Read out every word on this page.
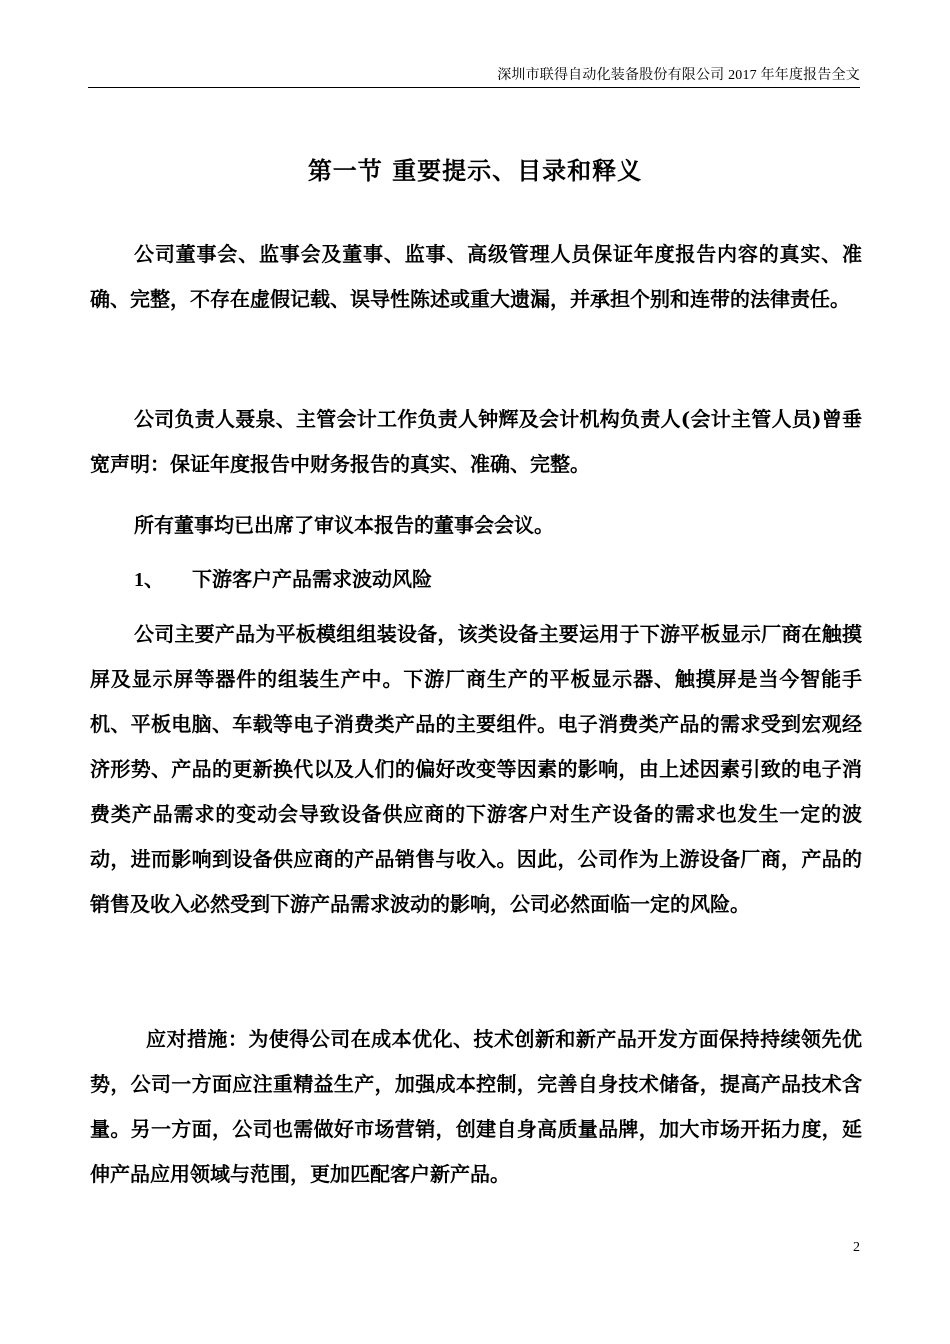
深圳市联得自动化装备股份有限公司 2017 年年度报告全文
第一节 重要提示、目录和释义
公司董事会、监事会及董事、监事、高级管理人员保证年度报告内容的真实、准确、完整，不存在虚假记载、误导性陈述或重大遗漏，并承担个别和连带的法律责任。
公司负责人聂泉、主管会计工作负责人钟辉及会计机构负责人(会计主管人员)曾垂宽声明：保证年度报告中财务报告的真实、准确、完整。
所有董事均已出席了审议本报告的董事会会议。
1、 下游客户产品需求波动风险
公司主要产品为平板模组组装设备，该类设备主要运用于下游平板显示厂商在触摸屏及显示屏等器件的组装生产中。下游厂商生产的平板显示器、触摸屏是当今智能手机、平板电脑、车载等电子消费类产品的主要组件。电子消费类产品的需求受到宏观经济形势、产品的更新换代以及人们的偏好改变等因素的影响，由上述因素引致的电子消费类产品需求的变动会导致设备供应商的下游客户对生产设备的需求也发生一定的波动，进而影响到设备供应商的产品销售与收入。因此，公司作为上游设备厂商，产品的销售及收入必然受到下游产品需求波动的影响，公司必然面临一定的风险。
应对措施：为使得公司在成本优化、技术创新和新产品开发方面保持持续领先优势，公司一方面应注重精益生产，加强成本控制，完善自身技术储备，提高产品技术含量。另一方面，公司也需做好市场营销，创建自身高质量品牌，加大市场开拓力度，延伸产品应用领域与范围，更加匹配客户新产品。
2
